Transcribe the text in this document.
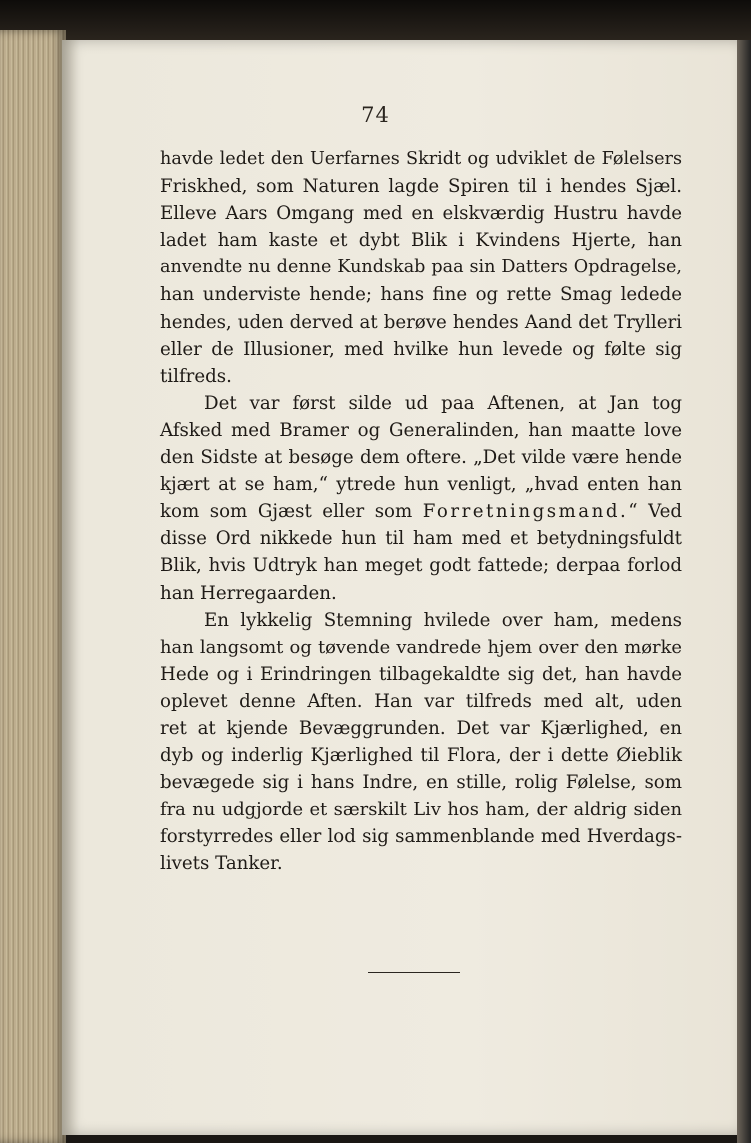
74
havde ledet den Uerfarnes Skridt og udviklet de Følelsers
Friskhed, som Naturen lagde Spiren til i hendes Sjæl.
Elleve Aars Omgang med en elskværdig Hustru havde
ladet ham kaste et dybt Blik i Kvindens Hjerte, han
anvendte nu denne Kundskab paa sin Datters Opdragelse,
han underviste hende; hans fine og rette Smag ledede
hendes, uden derved at berøve hendes Aand det Trylleri
eller de Illusioner, med hvilke hun levede og følte sig
tilfreds.
Det var først silde ud paa Aftenen, at Jan tog
Afsked med Bramer og Generalinden, han maatte love
den Sidste at besøge dem oftere. „Det vilde være hende
kjært at se ham,“ ytrede hun venligt, „hvad enten han
kom som Gjæst eller som Forretningsmand.“ Ved
disse Ord nikkede hun til ham med et betydningsfuldt
Blik, hvis Udtryk han meget godt fattede; derpaa forlod
han Herregaarden.
En lykkelig Stemning hvilede over ham, medens
han langsomt og tøvende vandrede hjem over den mørke
Hede og i Erindringen tilbagekaldte sig det, han havde
oplevet denne Aften. Han var tilfreds med alt, uden
ret at kjende Bevæggrunden. Det var Kjærlighed, en
dyb og inderlig Kjærlighed til Flora, der i dette Øieblik
bevægede sig i hans Indre, en stille, rolig Følelse, som
fra nu udgjorde et særskilt Liv hos ham, der aldrig siden
forstyrredes eller lod sig sammenblande med Hverdags-
livets Tanker.
